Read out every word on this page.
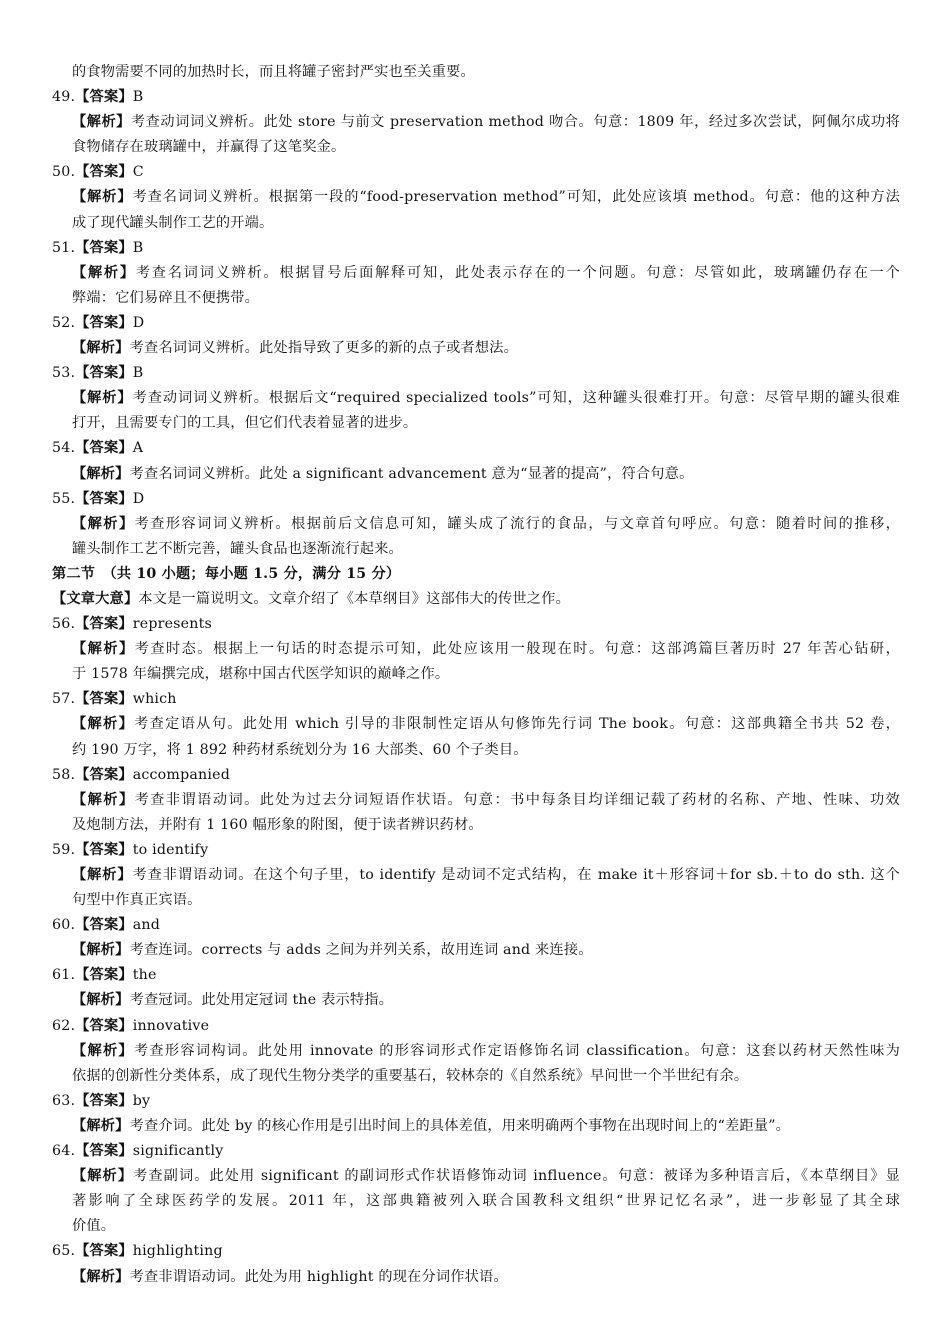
的食物需要不同的加热时长，而且将罐子密封严实也至关重要。
49.【答案】B
【解析】考查动词词义辨析。此处 store 与前文 preservation method 吻合。句意：1809 年，经过多次尝试，阿佩尔成功将
食物储存在玻璃罐中，并赢得了这笔奖金。
50.【答案】C
【解析】考查名词词义辨析。根据第一段的“food-preservation method”可知，此处应该填 method。句意：他的这种方法
成了现代罐头制作工艺的开端。
51.【答案】B
【解析】考查名词词义辨析。根据冒号后面解释可知，此处表示存在的一个问题。句意：尽管如此，玻璃罐仍存在一个
弊端：它们易碎且不便携带。
52.【答案】D
【解析】考查名词词义辨析。此处指导致了更多的新的点子或者想法。
53.【答案】B
【解析】考查动词词义辨析。根据后文“required specialized tools”可知，这种罐头很难打开。句意：尽管早期的罐头很难
打开，且需要专门的工具，但它们代表着显著的进步。
54.【答案】A
【解析】考查名词词义辨析。此处 a significant advancement 意为“显著的提高”，符合句意。
55.【答案】D
【解析】考查形容词词义辨析。根据前后文信息可知，罐头成了流行的食品，与文章首句呼应。句意：随着时间的推移，
罐头制作工艺不断完善，罐头食品也逐渐流行起来。
第二节　（共 10 小题；每小题 1.5 分，满分 15 分）
【文章大意】本文是一篇说明文。文章介绍了《本草纲目》这部伟大的传世之作。
56.【答案】represents
【解析】考查时态。根据上一句话的时态提示可知，此处应该用一般现在时。句意：这部鸿篇巨著历时 27 年苦心钻研，
于 1578 年编撰完成，堪称中国古代医学知识的巅峰之作。
57.【答案】which
【解析】考查定语从句。此处用 which 引导的非限制性定语从句修饰先行词 The book。句意：这部典籍全书共 52 卷，
约 190 万字，将 1 892 种药材系统划分为 16 大部类、60 个子类目。
58.【答案】accompanied
【解析】考查非谓语动词。此处为过去分词短语作状语。句意：书中每条目均详细记载了药材的名称、产地、性味、功效
及炮制方法，并附有 1 160 幅形象的附图，便于读者辨识药材。
59.【答案】to identify
【解析】考查非谓语动词。在这个句子里，to identify 是动词不定式结构，在 make it＋形容词＋for sb.＋to do sth. 这个
句型中作真正宾语。
60.【答案】and
【解析】考查连词。corrects 与 adds 之间为并列关系，故用连词 and 来连接。
61.【答案】the
【解析】考查冠词。此处用定冠词 the 表示特指。
62.【答案】innovative
【解析】考查形容词构词。此处用 innovate 的形容词形式作定语修饰名词 classification。句意：这套以药材天然性味为
依据的创新性分类体系，成了现代生物分类学的重要基石，较林奈的《自然系统》早问世一个半世纪有余。
63.【答案】by
【解析】考查介词。此处 by 的核心作用是引出时间上的具体差值，用来明确两个事物在出现时间上的“差距量”。
64.【答案】significantly
【解析】考查副词。此处用 significant 的副词形式作状语修饰动词 influence。句意：被译为多种语言后，《本草纲目》显
著影响了全球医药学的发展。2011 年，这部典籍被列入联合国教科文组织“世界记忆名录”，进一步彰显了其全球
价值。
65.【答案】highlighting
【解析】考查非谓语动词。此处为用 highlight 的现在分词作状语。
